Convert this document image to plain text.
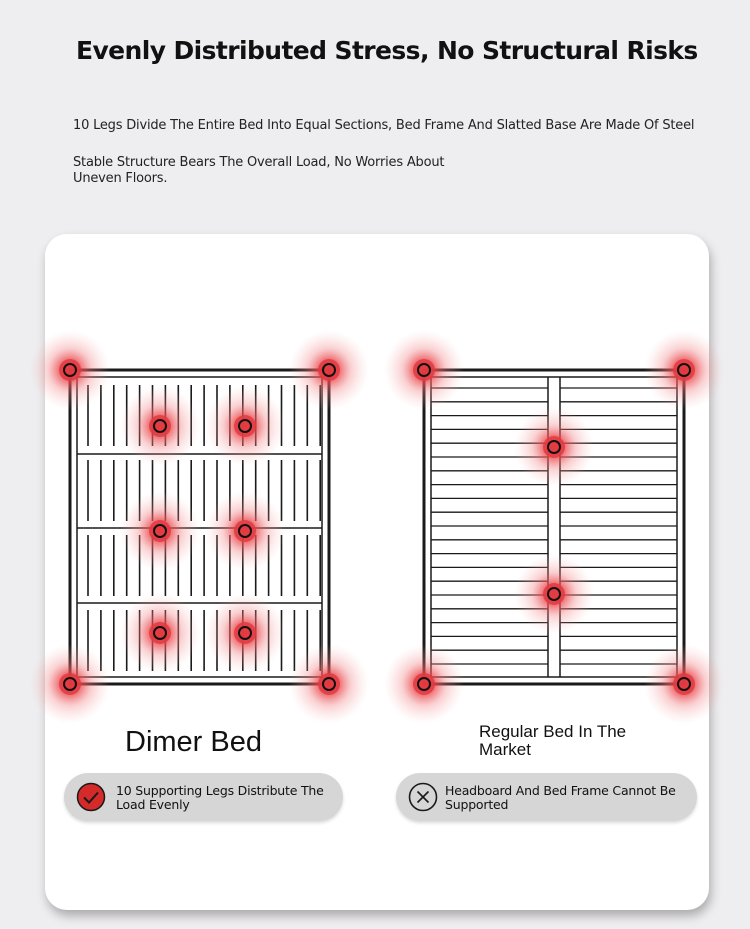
Evenly Distributed Stress, No Structural Risks

10 Legs Divide The Entire Bed Into Equal Sections, Bed Frame And Slatted Base Are Made Of Steel

Stable Structure Bears The Overall Load, No Worries About Uneven Floors.

Dimer Bed	Regular Bed In The Market
10 Supporting Legs Distribute The Load Evenly
Headboard And Bed Frame Cannot Be Supported
